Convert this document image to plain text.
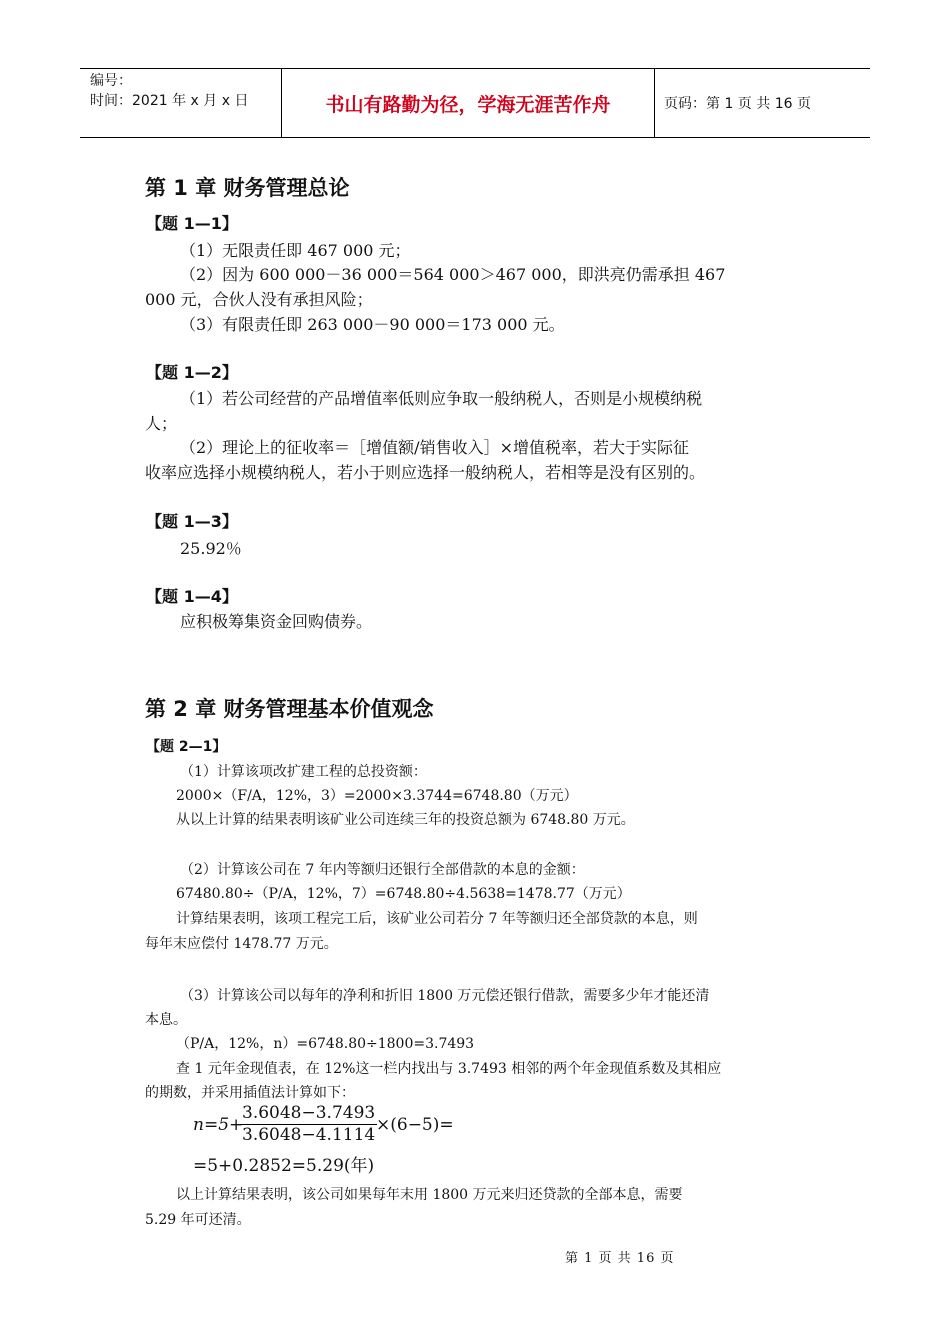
编号：
时间：2021 年 x 月 x 日	书山有路勤为径，学海无涯苦作舟	页码：第 1 页 共 16 页
第 1 章 财务管理总论
【题 1—1】
（1）无限责任即 467 000 元；
（2）因为 600 000－36 000＝564 000＞467 000，即洪亮仍需承担 467
000 元，合伙人没有承担风险；
（3）有限责任即 263 000－90 000＝173 000 元。
【题 1—2】
（1）若公司经营的产品增值率低则应争取一般纳税人，否则是小规模纳税
人；
（2）理论上的征收率＝［增值额/销售收入］×增值税率，若大于实际征
收率应选择小规模纳税人，若小于则应选择一般纳税人，若相等是没有区别的。
【题 1—3】
25.92％
【题 1—4】
应积极筹集资金回购债券。
第 2 章 财务管理基本价值观念
【题 2—1】
（1）计算该项改扩建工程的总投资额：
2000×（F/A，12%，3）=2000×3.3744=6748.80（万元）
从以上计算的结果表明该矿业公司连续三年的投资总额为 6748.80 万元。
（2）计算该公司在 7 年内等额归还银行全部借款的本息的金额：
67480.80÷（P/A，12%，7）=6748.80÷4.5638=1478.77（万元）
计算结果表明，该项工程完工后，该矿业公司若分 7 年等额归还全部贷款的本息，则
每年末应偿付 1478.77 万元。
（3）计算该公司以每年的净利和折旧 1800 万元偿还银行借款，需要多少年才能还清
本息。
（P/A，12%，n）=6748.80÷1800=3.7493
查 1 元年金现值表，在 12%这一栏内找出与 3.7493 相邻的两个年金现值系数及其相应
的期数，并采用插值法计算如下：
n=5+
$\frac{3.6048-3.7493}{3.6048-4.1114}$
×(6−5)=
=5+0.2852=5.29(年)
以上计算结果表明，该公司如果每年末用 1800 万元来归还贷款的全部本息，需要
5.29 年可还清。
第 1 页 共 16 页
